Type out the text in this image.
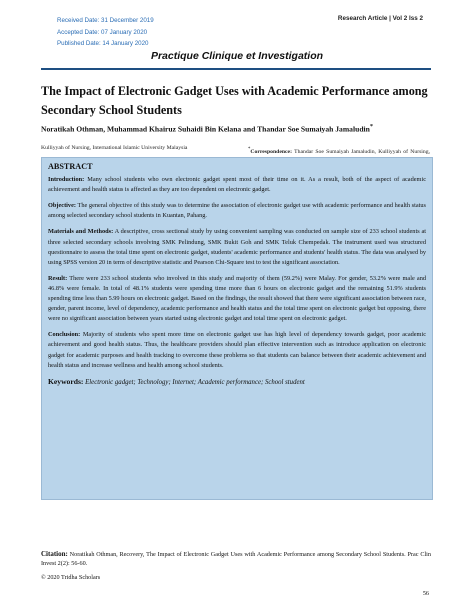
Received Date: 31 December 2019
Accepted Date: 07 January 2020
Published Date: 14 January 2020
Research Article | Vol 2 Iss 2
Practique Clinique et Investigation
The Impact of Electronic Gadget Uses with Academic Performance among Secondary School Students
Noratikah Othman, Muhammad Khairuz Suhaidi Bin Kelana and Thandar Soe Sumaiyah Jamaludin*
Kulliyyah of Nursing, International Islamic University Malaysia	*Correspondence: Thandar Soe Sumaiyah Jamaludin, Kulliyyah of Nursing,
ABSTRACT

Introduction: Many school students who own electronic gadget spent most of their time on it. As a result, both of the aspect of academic achievement and health status is affected as they are too dependent on electronic gadget.

Objective: The general objective of this study was to determine the association of electronic gadget use with academic performance and health status among selected secondary school students in Kuantan, Pahang.

Materials and Methods: A descriptive, cross sectional study by using convenient sampling was conducted on sample size of 233 school students at three selected secondary schools involving SMK Pelindung, SMK Bukit Goh and SMK Teluk Chempedak. The instrument used was structured questionnaire to assess the total time spent on electronic gadget, students' academic performance and students' health status. The data was analysed by using SPSS version 20 in term of descriptive statistic and Pearson Chi-Square test to test the significant association.

Result: There were 233 school students who involved in this study and majority of them (59.2%) were Malay. For gender, 53.2% were male and 46.8% were female. In total of 48.1% students were spending time more than 6 hours on electronic gadget and the remaining 51.9% students spending time less than 5.99 hours on electronic gadget. Based on the findings, the result showed that there were significant association between race, gender, parent income, level of dependency, academic performance and health status and the total time spent on electronic gadget but opposing, there were no significant association between years started using electronic gadget and total time spent on electronic gadget.

Conclusion: Majority of students who spent more time on electronic gadget use has high level of dependency towards gadget, poor academic achievement and good health status. Thus, the healthcare providers should plan effective intervention such as introduce application on electronic gadget for academic purposes and health tracking to overcome these problems so that students can balance between their academic achievement and health status and increase wellness and health among school students.

Keywords: Electronic gadget; Technology; Internet; Academic performance; School student
Citation: Noratikah Othman, Recovery, The Impact of Electronic Gadget Uses with Academic Performance among Secondary School Students. Prac Clin Invest 2(2): 56-60.
© 2020 Tridha Scholars
56
